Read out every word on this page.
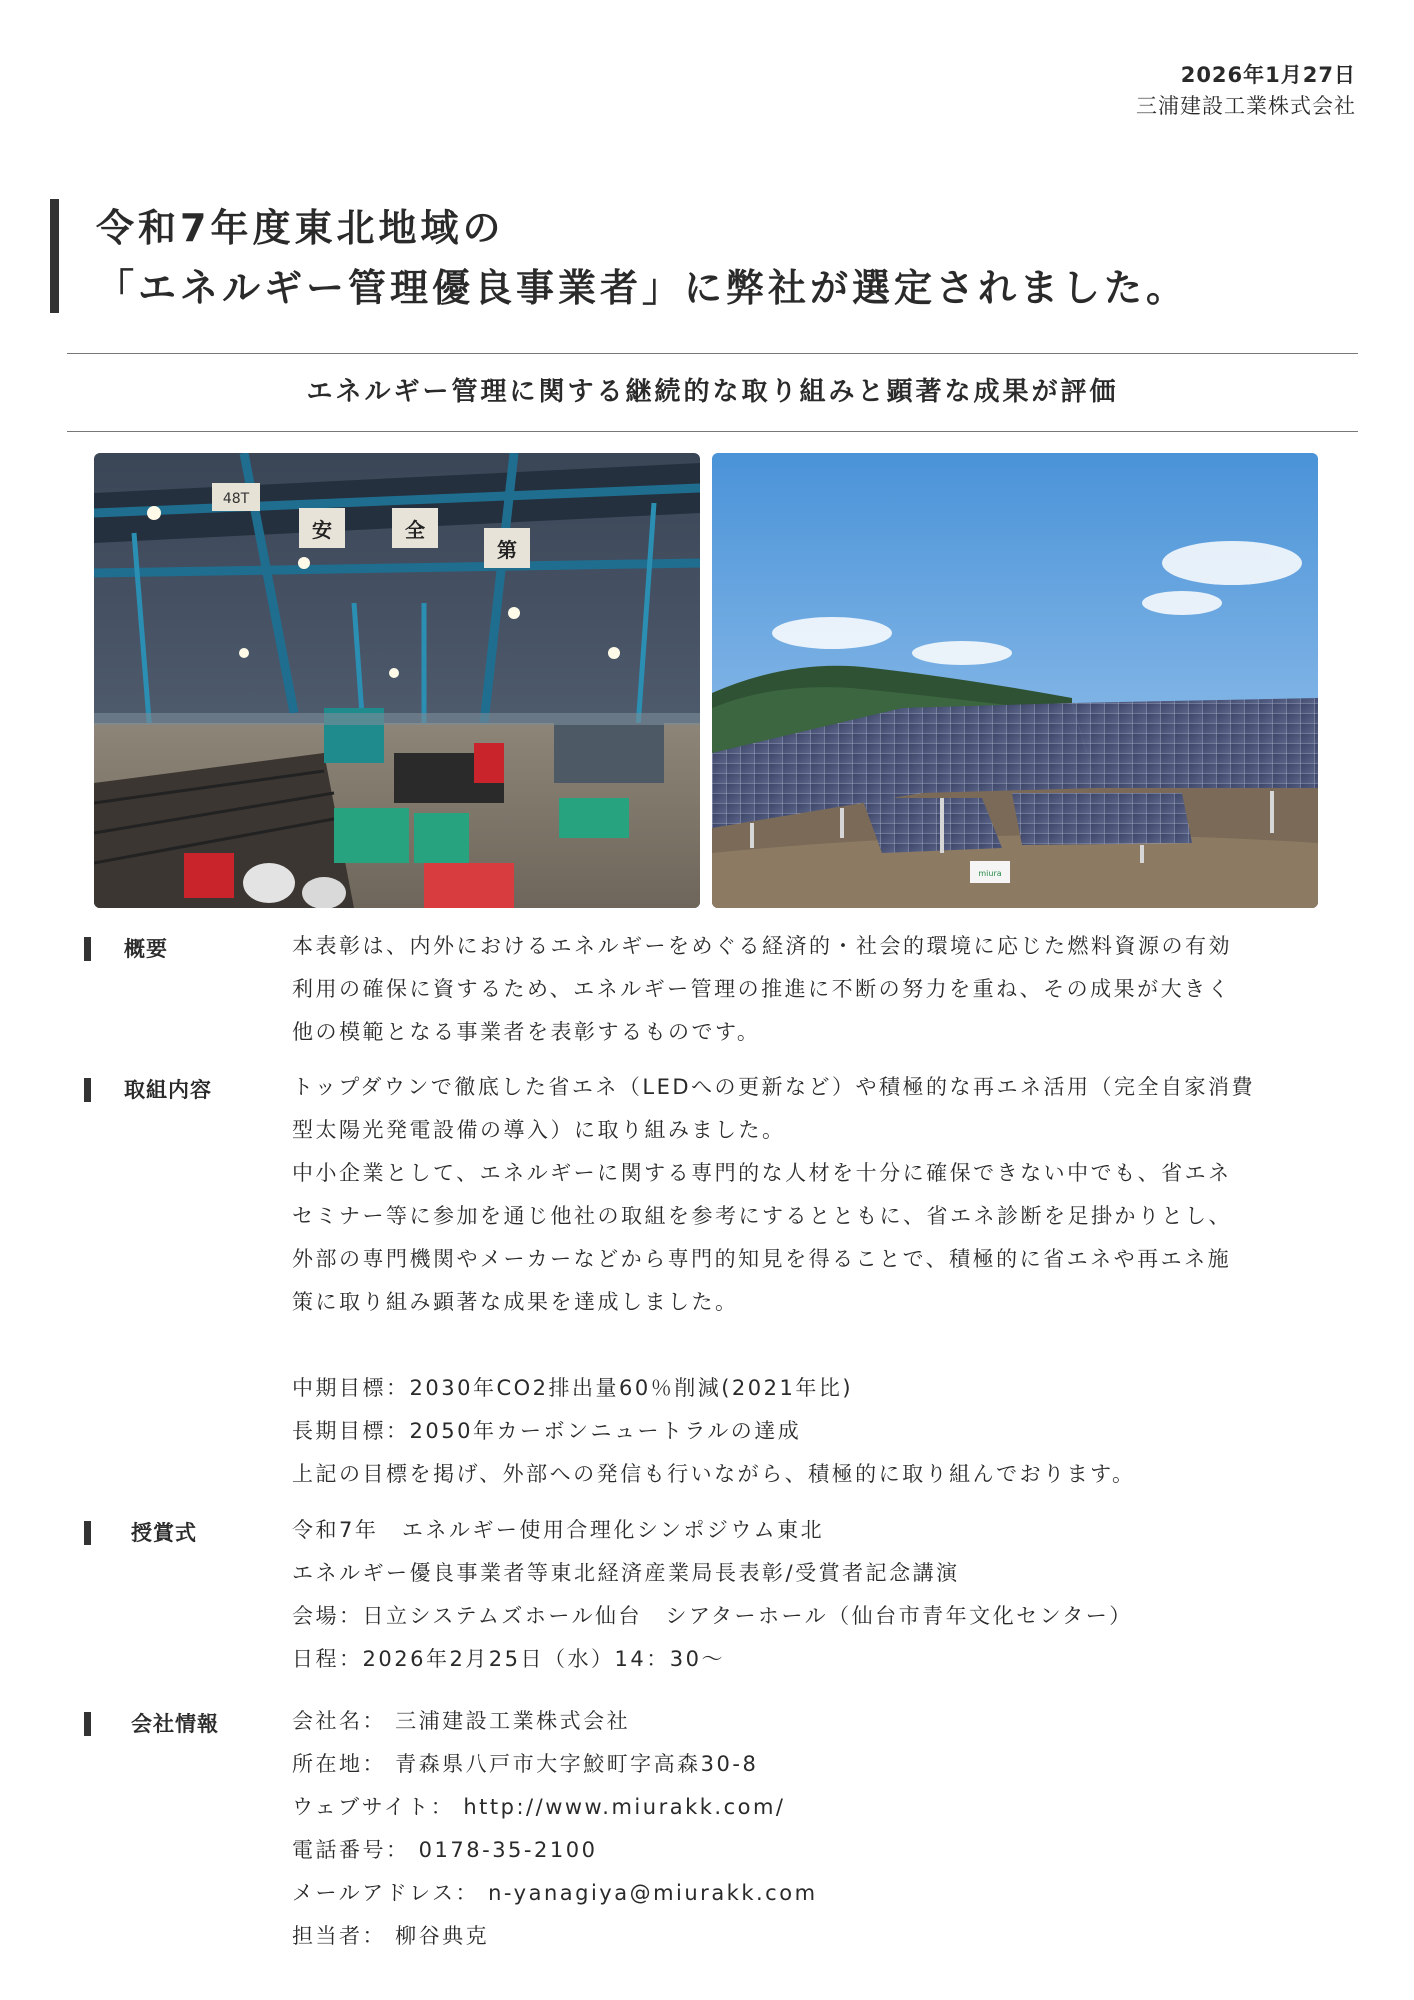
2026年1月27日
三浦建設工業株式会社
令和7年度東北地域の
「エネルギー管理優良事業者」に弊社が選定されました。
エネルギー管理に関する継続的な取り組みと顕著な成果が評価
安	全
第
48T
miura
概要	本表彰は、内外におけるエネルギーをめぐる経済的・社会的環境に応じた燃料資源の有効
利用の確保に資するため、エネルギー管理の推進に不断の努力を重ね、その成果が大きく
他の模範となる事業者を表彰するものです。
取組内容	トップダウンで徹底した省エネ（LEDへの更新など）や積極的な再エネ活用（完全自家消費
型太陽光発電設備の導入）に取り組みました。
中小企業として、エネルギーに関する専門的な人材を十分に確保できない中でも、省エネ
セミナー等に参加を通じ他社の取組を参考にするとともに、省エネ診断を足掛かりとし、
外部の専門機関やメーカーなどから専門的知見を得ることで、積極的に省エネや再エネ施
策に取り組み顕著な成果を達成しました。
中期目標：2030年CO2排出量60％削減(2021年比)
長期目標：2050年カーボンニュートラルの達成
上記の目標を掲げ、外部への発信も行いながら、積極的に取り組んでおります。
授賞式	令和7年　エネルギー使用合理化シンポジウム東北
エネルギー優良事業者等東北経済産業局長表彰/受賞者記念講演
会場：日立システムズホール仙台　シアターホール（仙台市青年文化センター）
日程：2026年2月25日（水）14：30〜
会社情報	会社名： 三浦建設工業株式会社
所在地： 青森県八戸市大字鮫町字高森30-8
ウェブサイト： http://www.miurakk.com/
電話番号： 0178-35-2100
メールアドレス： n-yanagiya@miurakk.com
担当者： 柳谷典克
